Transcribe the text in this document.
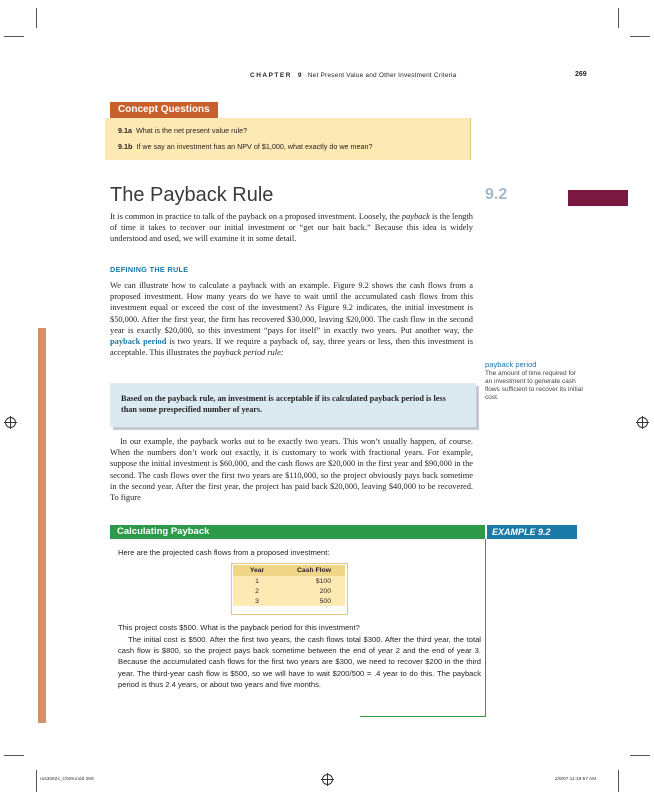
CHAPTER 9 Net Present Value and Other Investment Criteria	269
Concept Questions
9.1a What is the net present value rule?
9.1b If we say an investment has an NPV of $1,000, what exactly do we mean?
The Payback Rule	9.2
It is common in practice to talk of the payback on a proposed investment. Loosely, the payback is the length of time it takes to recover our initial investment or “get our bait back.” Because this idea is widely understood and used, we will examine it in some detail.
DEFINING THE RULE
We can illustrate how to calculate a payback with an example. Figure 9.2 shows the cash flows from a proposed investment. How many years do we have to wait until the accumulated cash flows from this investment equal or exceed the cost of the investment? As Figure 9.2 indicates, the initial investment is $50,000. After the first year, the firm has recovered $30,000, leaving $20,000. The cash flow in the second year is exactly $20,000, so this investment “pays for itself” in exactly two years. Put another way, the payback period is two years. If we require a payback of, say, three years or less, then this investment is acceptable. This illustrates the payback period rule:
payback period
The amount of time required for an investment to generate cash flows sufficient to recover its initial cost.
Based on the payback rule, an investment is acceptable if its calculated payback period is less than some prespecified number of years.
In our example, the payback works out to be exactly two years. This won’t usually happen, of course. When the numbers don’t work out exactly, it is customary to work with fractional years. For example, suppose the initial investment is $60,000, and the cash flows are $20,000 in the first year and $90,000 in the second. The cash flows over the first two years are $110,000, so the project obviously pays back sometime in the second year. After the first year, the project has paid back $20,000, leaving $40,000 to be recovered. To figure
Calculating Payback	EXAMPLE 9.2
Here are the projected cash flows from a proposed investment:
Year	Cash Flow
1	$100
2	200
3	500
This project costs $500. What is the payback period for this investment?
The initial cost is $500. After the first two years, the cash flows total $300. After the third year, the total cash flow is $800, so the project pays back sometime between the end of year 2 and the end of year 3. Because the accumulated cash flows for the first two years are $300, we need to recover $200 in the third year. The third-year cash flow is $500, so we will have to wait $200/500 = .4 year to do this. The payback period is thus 2.4 years, or about two years and five months.
ros3062x_Ch09.indd 269	2/9/07 11:19:57 AM
